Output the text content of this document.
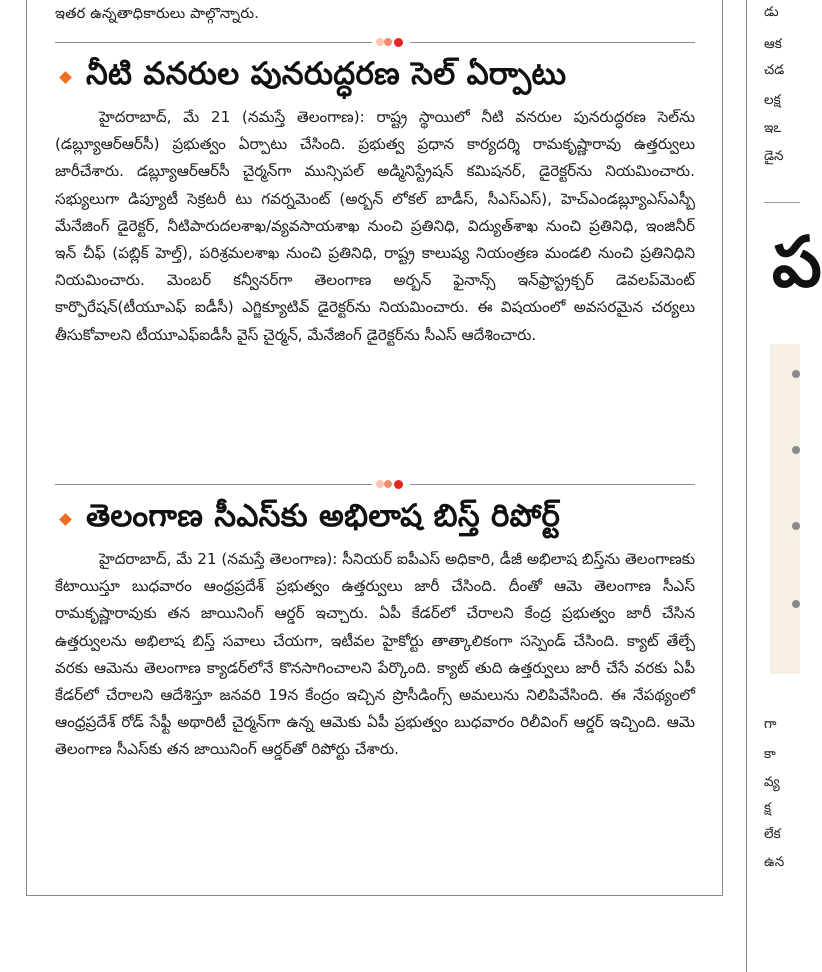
ఇతర ఉన్నతాధికారులు పాల్గొన్నారు.
నీటి వనరుల పునరుద్ధరణ సెల్ ఏర్పాటు

హైదరాబాద్, మే 21 (నమస్తే తెలంగాణ): రాష్ట్ర స్థాయిలో నీటి వనరుల పునరుద్ధరణ సెల్‌ను (డబ్ల్యూఆర్‌ఆర్‌సీ) ప్రభుత్వం ఏర్పాటు చేసింది. ప్రభుత్వ ప్రధాన కార్యదర్శి రామకృష్ణారావు ఉత్తర్వులు జారీచేశారు. డబ్ల్యూఆర్‌ఆర్‌సీ చైర్మన్‌గా మున్సిపల్ అడ్మినిస్ట్రేషన్ కమిషనర్, డైరెక్టర్‌ను నియమించారు. సభ్యులుగా డిప్యూటీ సెక్రటరీ టు గవర్నమెంట్ (అర్బన్ లోకల్ బాడీస్, సీఎస్ఎస్), హెచ్ఎండబ్ల్యూఎస్ఎస్బీ మేనేజింగ్ డైరెక్టర్, నీటిపారుదలశాఖ/వ్యవసాయశాఖ నుంచి ప్రతినిధి, విద్యుత్‌శాఖ నుంచి ప్రతినిధి, ఇంజినీర్ ఇన్ చీఫ్ (పబ్లిక్ హెల్త్), పరిశ్రమలశాఖ నుంచి ప్రతినిధి, రాష్ట్ర కాలుష్య నియంత్రణ మండలి నుంచి ప్రతినిధిని నియమించారు. మెంబర్ కన్వీనర్‌గా తెలంగాణ అర్బన్ ఫైనాన్స్ ఇన్‌ఫ్రాస్ట్రక్చర్ డెవలప్‌మెంట్ కార్పొరేషన్(టీయూఎఫ్ ఐడీసీ) ఎగ్జిక్యూటివ్ డైరెక్టర్‌ను నియమించారు. ఈ విషయంలో అవసరమైన చర్యలు తీసుకోవాలని టీయూఎఫ్ఐడీసీ వైస్ చైర్మన్, మేనేజింగ్ డైరెక్టర్‌ను సీఎస్ ఆదేశించారు.

తెలంగాణ సీఎస్‌కు అభిలాష బిస్త్ రిపోర్ట్

హైదరాబాద్, మే 21 (నమస్తే తెలంగాణ): సీనియర్ ఐపీఎస్ అధికారి, డీజీ అభిలాష బిస్త్‌ను తెలంగాణకు కేటాయిస్తూ బుధవారం ఆంధ్రప్రదేశ్ ప్రభుత్వం ఉత్తర్వులు జారీ చేసింది. దీంతో ఆమె తెలంగాణ సీఎస్ రామకృష్ణారావుకు తన జాయినింగ్ ఆర్డర్ ఇచ్చారు. ఏపీ కేడర్‌లో చేరాలని కేంద్ర ప్రభుత్వం జారీ చేసిన ఉత్తర్వులను అభిలాష బిస్త్ సవాలు చేయగా, ఇటీవల హైకోర్టు తాత్కాలికంగా సస్పెండ్ చేసింది. క్యాట్ తేల్చే వరకు ఆమెను తెలంగాణ క్యాడర్‌లోనే కొనసాగించాలని పేర్కొంది. క్యాట్ తుది ఉత్తర్వులు జారీ చేసే వరకు ఏపీ కేడర్‌లో చేరాలని ఆదేశిస్తూ జనవరి 19న కేంద్రం ఇచ్చిన ప్రొసీడింగ్స్ అమలును నిలిపివేసింది. ఈ నేపథ్యంలో ఆంధ్రప్రదేశ్ రోడ్ సేఫ్టీ అథారిటీ చైర్మన్‌గా ఉన్న ఆమెకు ఏపీ ప్రభుత్వం బుధవారం రిలీవింగ్ ఆర్డర్ ఇచ్చింది. ఆమె తెలంగాణ సీఎస్‌కు తన జాయినింగ్ ఆర్డర్‌తో రిపోర్టు చేశారు.

డు
ఆక
చడ
లక్ష
ఇఽ
డైన
ప
గా
కా
వ్య
క్ష
లేక
ఉన
